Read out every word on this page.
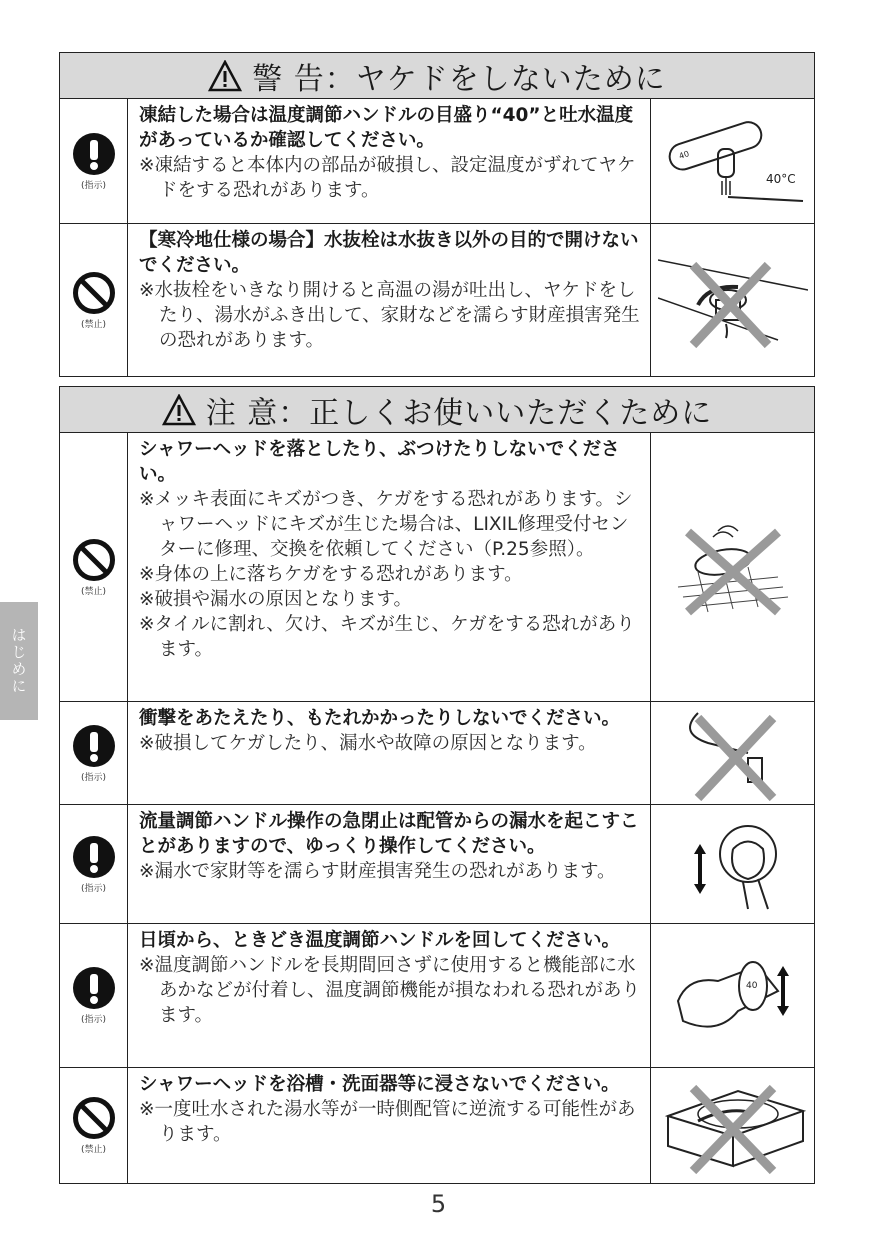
警 告：ヤケドをしないために
(指示)
凍結した場合は温度調節ハンドルの目盛り“40”と吐水温度があっているか確認してください。
※凍結すると本体内の部品が破損し、設定温度がずれてヤケドをする恐れがあります。
40
40°C
(禁止)
【寒冷地仕様の場合】水抜栓は水抜き以外の目的で開けないでください。
※水抜栓をいきなり開けると高温の湯が吐出し、ヤケドをしたり、湯水がふき出して、家財などを濡らす財産損害発生の恐れがあります。
注 意：正しくお使いいただくために
(禁止)
シャワーヘッドを落としたり、ぶつけたりしないでください。
※メッキ表面にキズがつき、ケガをする恐れがあります。シャワーヘッドにキズが生じた場合は、LIXIL修理受付センターに修理、交換を依頼してください（P.25参照）。
※身体の上に落ちケガをする恐れがあります。
※破損や漏水の原因となります。
※タイルに割れ、欠け、キズが生じ、ケガをする恐れがあります。
(指示)
衝撃をあたえたり、もたれかかったりしないでください。
※破損してケガしたり、漏水や故障の原因となります。
(指示)
流量調節ハンドル操作の急閉止は配管からの漏水を起こすことがありますので、ゆっくり操作してください。
※漏水で家財等を濡らす財産損害発生の恐れがあります。
(指示)
日頃から、ときどき温度調節ハンドルを回してください。
※温度調節ハンドルを長期間回さずに使用すると機能部に水あかなどが付着し、温度調節機能が損なわれる恐れがあります。
40
(禁止)
シャワーヘッドを浴槽・洗面器等に浸さないでください。
※一度吐水された湯水等が一時側配管に逆流する可能性があります。
はじめに
5
